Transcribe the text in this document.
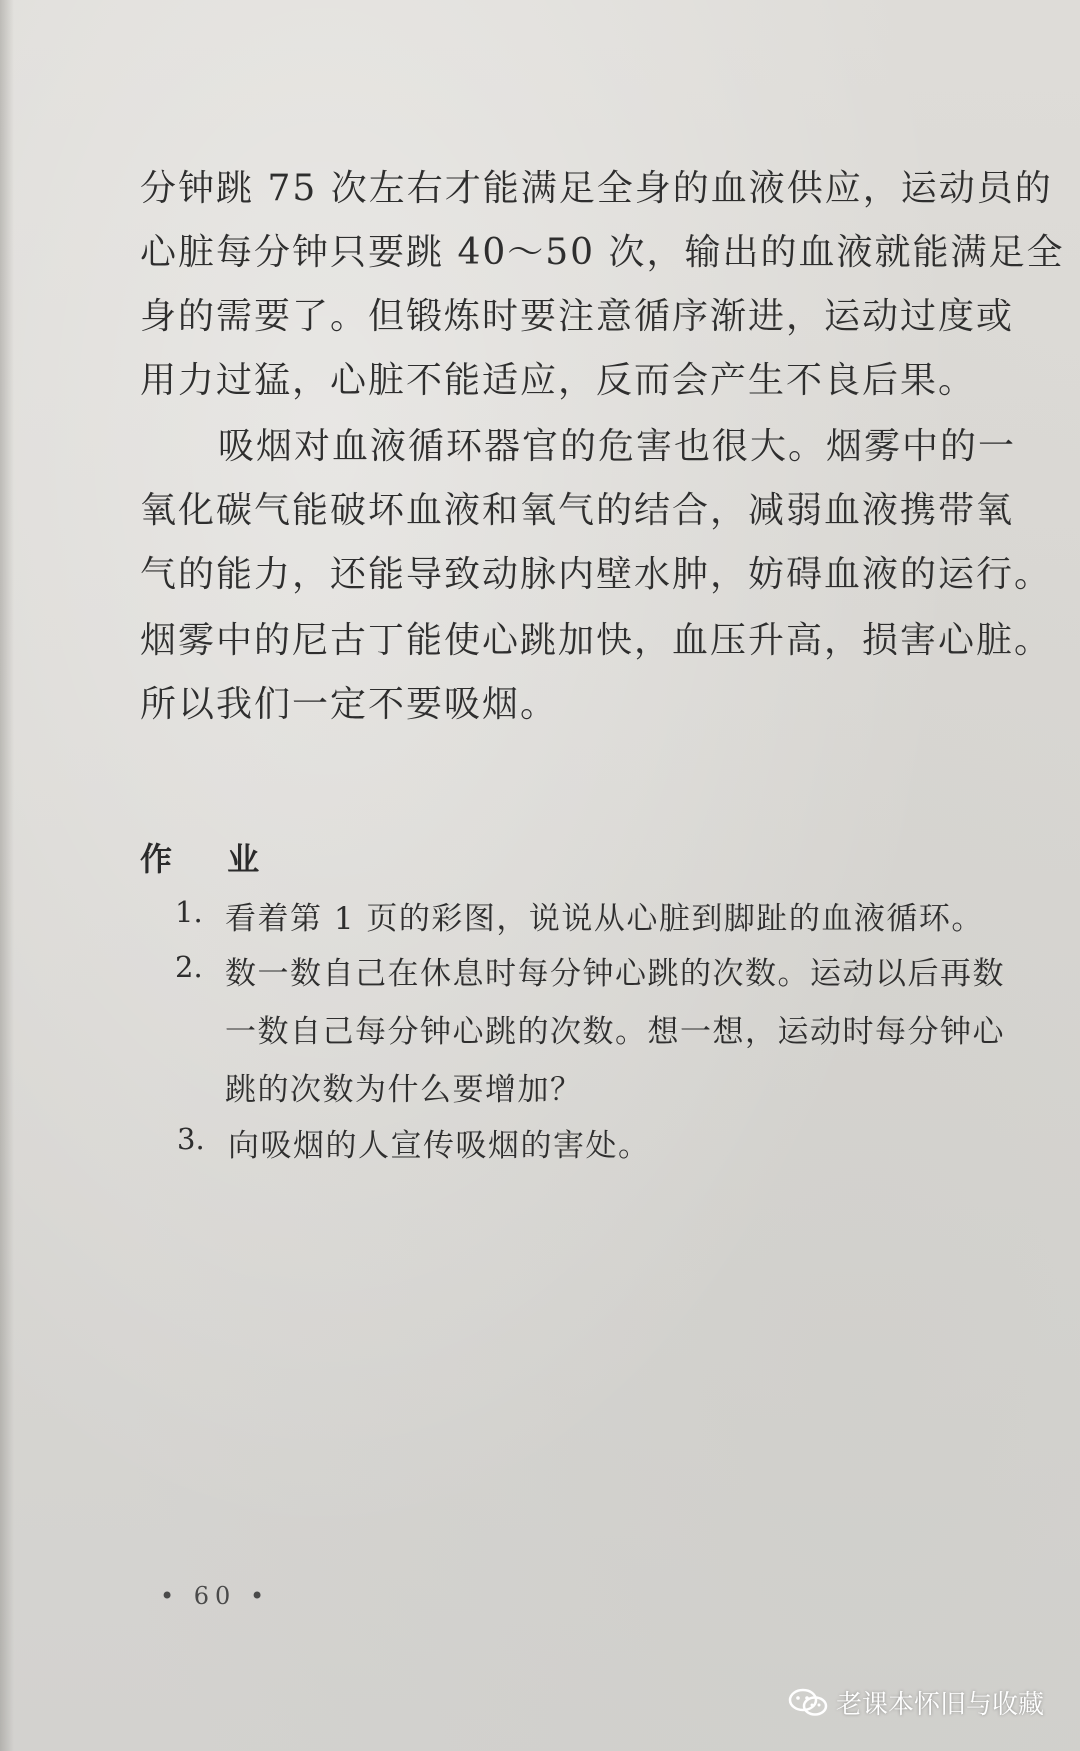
分钟跳 75 次左右才能满足全身的血液供应，运动员的
心脏每分钟只要跳 40～50 次，输出的血液就能满足全
身的需要了。但锻炼时要注意循序渐进，运动过度或
用力过猛，心脏不能适应，反而会产生不良后果。
吸烟对血液循环器官的危害也很大。烟雾中的一
氧化碳气能破坏血液和氧气的结合，减弱血液携带氧
气的能力，还能导致动脉内壁水肿，妨碍血液的运行。
烟雾中的尼古丁能使心跳加快，血压升高，损害心脏。
所以我们一定不要吸烟。
作 业
1. 看着第 1 页的彩图，说说从心脏到脚趾的血液循环。
2. 数一数自己在休息时每分钟心跳的次数。运动以后再数
一数自己每分钟心跳的次数。想一想，运动时每分钟心
跳的次数为什么要增加？
3. 向吸烟的人宣传吸烟的害处。
• 60 •
老课本怀旧与收藏
